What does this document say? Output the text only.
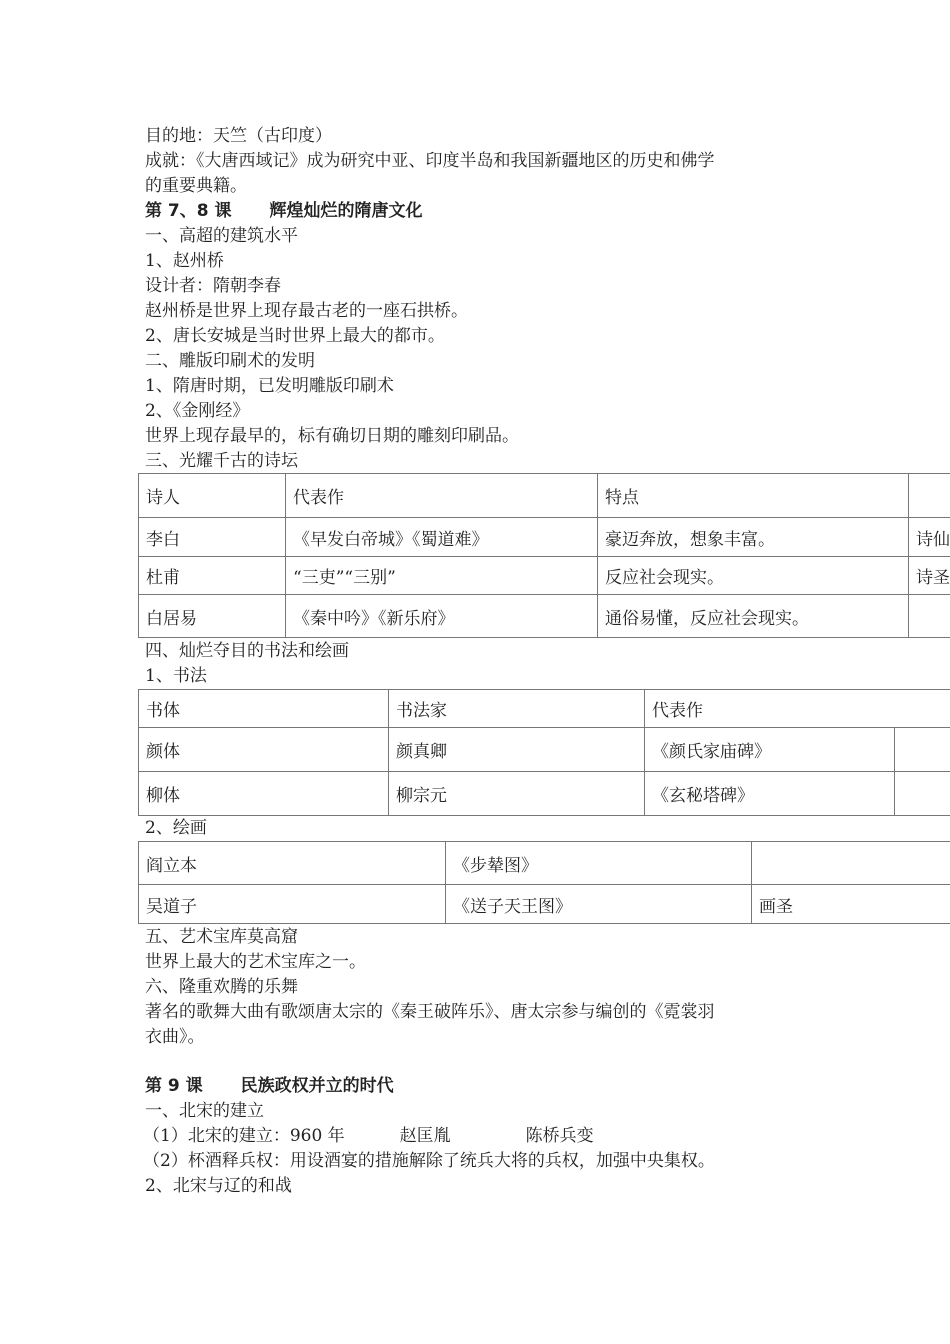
目的地：天竺（古印度）
成就：《大唐西域记》成为研究中亚、印度半岛和我国新疆地区的历史和佛学
的重要典籍。
第 7、8 课 辉煌灿烂的隋唐文化
一、高超的建筑水平
1、赵州桥
设计者：隋朝李春
赵州桥是世界上现存最古老的一座石拱桥。
2、唐长安城是当时世界上最大的都市。
二、雕版印刷术的发明
1、隋唐时期，已发明雕版印刷术
2、《金刚经》
世界上现存最早的，标有确切日期的雕刻印刷品。
三、光耀千古的诗坛
诗人	代表作	特点	
李白	《早发白帝城》《蜀道难》	豪迈奔放，想象丰富。	诗仙
杜甫	“三吏”“三别”	反应社会现实。	诗圣
白居易	《秦中吟》《新乐府》	通俗易懂，反应社会现实。	
四、灿烂夺目的书法和绘画
1、书法
书体	书法家	代表作	
颜体	颜真卿	《颜氏家庙碑》	
柳体	柳宗元	《玄秘塔碑》	
2、绘画
阎立本	《步辇图》	
吴道子	《送子天王图》	画圣
五、艺术宝库莫高窟
世界上最大的艺术宝库之一。
六、隆重欢腾的乐舞
著名的歌舞大曲有歌颂唐太宗的《秦王破阵乐》、唐太宗参与编创的《霓裳羽
衣曲》。
第 9 课 民族政权并立的时代
一、北宋的建立
（1）北宋的建立：960 年	赵匡胤	陈桥兵变
（2）杯酒释兵权：用设酒宴的措施解除了统兵大将的兵权，加强中央集权。
2、北宋与辽的和战
